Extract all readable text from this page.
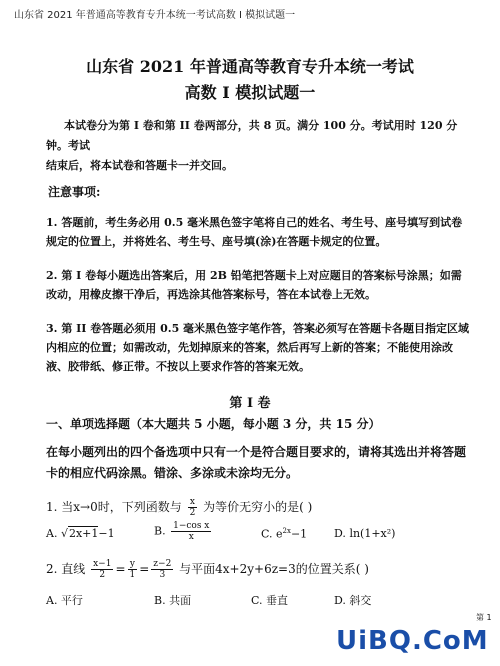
山东省 2021 年普通高等教育专升本统一考试高数 I 模拟试题一
山东省 2021 年普通高等教育专升本统一考试
高数 I 模拟试题一
本试卷分为第 I 卷和第 II 卷两部分，共 8 页。满分 100 分。考试用时 120 分钟。考试
结束后，将本试卷和答题卡一并交回。
注意事项:
1. 答题前，考生务必用 0.5 毫米黑色签字笔将自己的姓名、考生号、座号填写到试卷规定的位置上，并将姓名、考生号、座号填(涂)在答题卡规定的位置。
2. 第 I 卷每小题选出答案后，用 2B 铅笔把答题卡上对应题目的答案标号涂黑；如需改动，用橡皮擦干净后，再选涂其他答案标号，答在本试卷上无效。
3. 第 II 卷答题必须用 0.5 毫米黑色签字笔作答，答案必须写在答题卡各题目指定区域内相应的位置；如需改动，先划掉原来的答案，然后再写上新的答案；不能使用涂改液、胶带纸、修正带。不按以上要求作答的答案无效。
第 I 卷
一、单项选择题（本大题共 5 小题，每小题 3 分，共 15 分）
在每小题列出的四个备选项中只有一个是符合题目要求的，请将其选出并将答题卡的相应代码涂黑。错涂、多涂或未涂均无分。
1. 当x→0时，下列函数与 $\frac{x}{2}$ 为等价无穷小的是( )
A. √2x+1−1	B. $\frac{\text{1−cos x}}{x}$	C. $e^{2x}-1$ D. ln(1+x²)
2. 直线 $\frac{x-1}{2} = \frac{y}{1} = \frac{z-2}{3}$ 与平面4x+2y+6z=3的位置关系( )
A. 平行	B. 共面	C. 垂直	D. 斜交
第 1
UiBQ.CoM
